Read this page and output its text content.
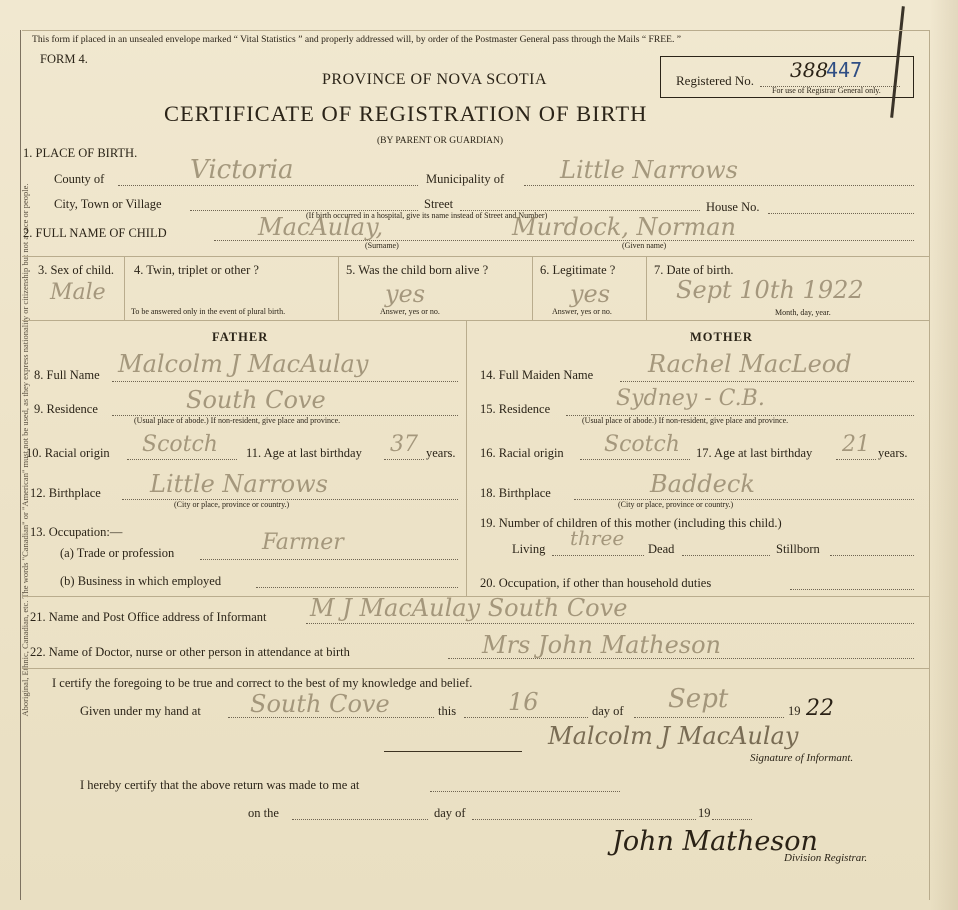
Aboriginal, Ethnic, Canadian, etc. The words "Canadian" or "American" must not be used, as they express nationality or citizenship but not a race or people.
This form if placed in an unsealed envelope marked “ Vital Statistics ” and properly addressed will, by order of the Postmaster General pass through the Mails “ FREE. ”
FORM 4.
PROVINCE OF NOVA SCOTIA
CERTIFICATE OF REGISTRATION OF BIRTH
(BY PARENT OR GUARDIAN)
Registered No. 388
447
For use of Registrar General only.
1. PLACE OF BIRTH.
County of	Victoria	Municipality of Little Narrows
City, Town or Village	Street	House No.
(If birth occurred in a hospital, give its name instead of Street and Number)
2. FULL NAME OF CHILD	MacAulay,	Murdock, Norman
(Surname)	(Given name)
3. Sex of child.
Male
4. Twin, triplet or other ?
To be answered only in the event of plural birth.
5. Was the child born alive ?
yes
Answer, yes or no.
6. Legitimate ?
yes
Answer, yes or no.
7. Date of birth.
Sept 10th 1922
Month, day, year.
FATHER	MOTHER
8. Full Name Malcolm J MacAulay
9. Residence	South Cove
(Usual place of abode.) If non-resident, give place and province.
10. Racial origin Scotch 11. Age at last birthday 37 years.
12. Birthplace Little Narrows
(City or place, province or country.)
13. Occupation:—
(a) Trade or profession	Farmer
(b) Business in which employed
14. Full Maiden Name Rachel MacLeod
15. Residence	Sydney - C.B.
(Usual place of abode.) If non-resident, give place and province.
16. Racial origin Scotch 17. Age at last birthday 21 years.
18. Birthplace	Baddeck
(City or place, province or country.)
19. Number of children of this mother (including this child.)
Living three Dead	Stillborn
20. Occupation, if other than household duties
21. Name and Post Office address of Informant M J MacAulay South Cove
22. Name of Doctor, nurse or other person in attendance at birth	Mrs John Matheson
I certify the foregoing to be true and correct to the best of my knowledge and belief.
Given under my hand at South Cove	this 16	day of Sept	19 22
Malcolm J MacAulay
Signature of Informant.
I hereby certify that the above return was made to me at
on the	day of	19
John Matheson
Division Registrar.
